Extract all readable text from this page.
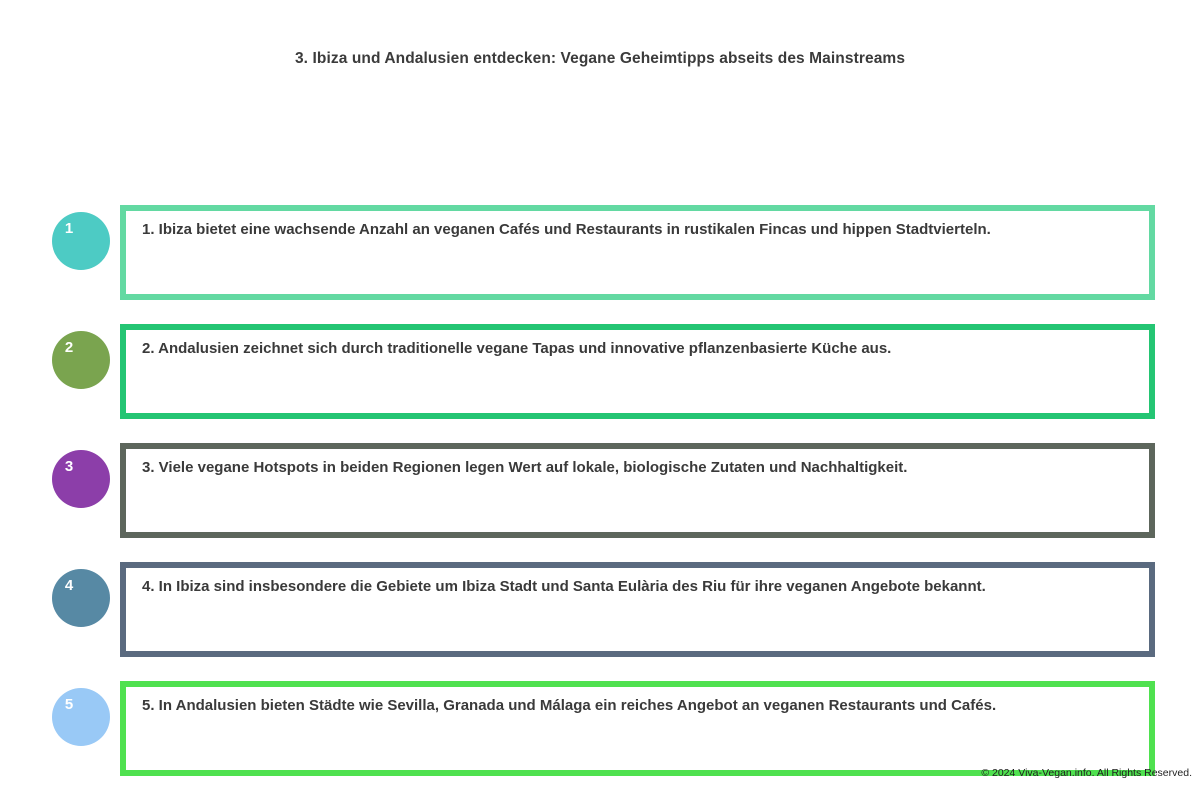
3. Ibiza und Andalusien entdecken: Vegane Geheimtipps abseits des Mainstreams
1	1. Ibiza bietet eine wachsende Anzahl an veganen Cafés und Restaurants in rustikalen Fincas und hippen Stadtvierteln.
2	2. Andalusien zeichnet sich durch traditionelle vegane Tapas und innovative pflanzenbasierte Küche aus.
3	3. Viele vegane Hotspots in beiden Regionen legen Wert auf lokale, biologische Zutaten und Nachhaltigkeit.
4	4. In Ibiza sind insbesondere die Gebiete um Ibiza Stadt und Santa Eulària des Riu für ihre veganen Angebote bekannt.
5	5. In Andalusien bieten Städte wie Sevilla, Granada und Málaga ein reiches Angebot an veganen Restaurants und Cafés.
© 2024 Viva-Vegan.info. All Rights Reserved.
